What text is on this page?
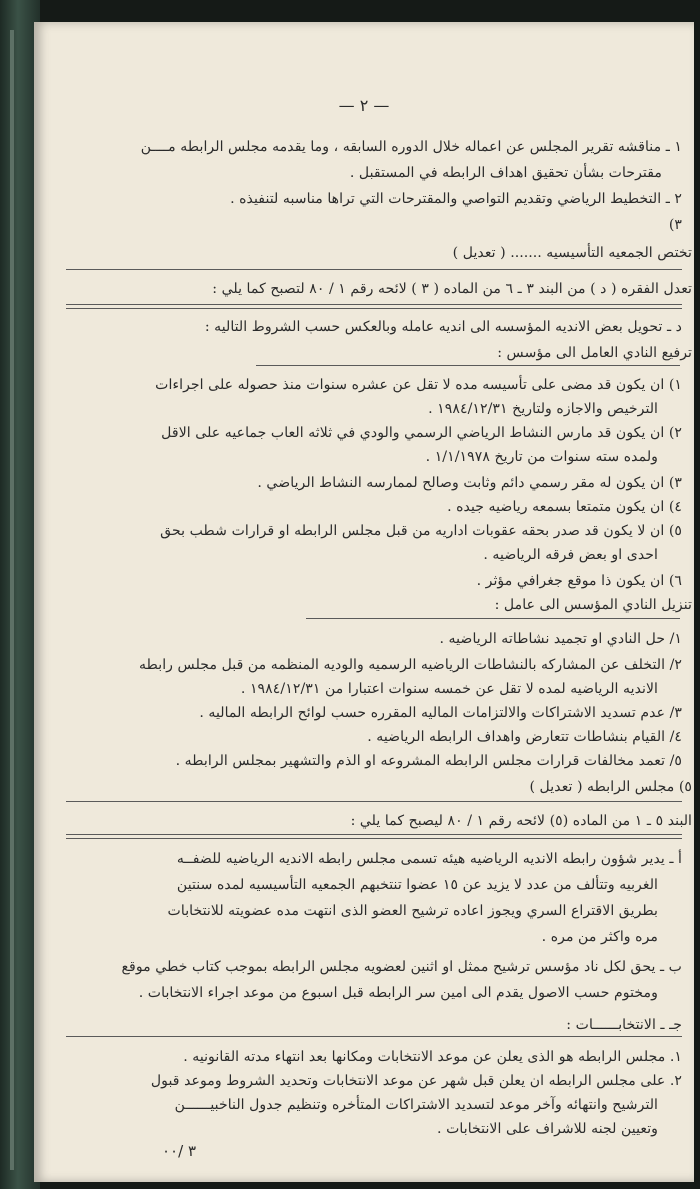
— ٢ —
١ ـ مناقشه تقرير المجلس عن اعماله خلال الدوره السابقه ، وما يقدمه مجلس الرابطه مــــن
مقترحات بشأن تحقيق اهداف الرابطه في المستقبل .
٢ ـ التخطيط الرياضي وتقديم التواصي والمقترحات التي تراها مناسبه لتنفيذه .
٣)
تختص الجمعيه التأسيسيه ....... ( تعديل )
تعدل الفقره ( د ) من البند ٣ ـ ٦ من الماده ( ٣ ) لائحه رقم ١ / ٨٠ لتصبح كما يلي :
د ـ تحويل بعض الانديه المؤسسه الى انديه عامله وبالعكس حسب الشروط التاليه :
ترفيع النادي العامل الى مؤسس :
١) ان يكون قد مضى على تأسيسه مده لا تقل عن عشره سنوات منذ حصوله على اجراءات
الترخيص والاجازه ولتاريخ ١٩٨٤/١٢/٣١ .
٢) ان يكون قد مارس النشاط الرياضي الرسمي والودي في ثلاثه العاب جماعيه على الاقل
ولمده سته سنوات من تاريخ ١/١/١٩٧٨ .
٣) ان يكون له مقر رسمي دائم وثابت وصالح لممارسه النشاط الرياضي .
٤) ان يكون متمتعا بسمعه رياضيه جيده .
٥) ان لا يكون قد صدر بحقه عقوبات اداريه من قبل مجلس الرابطه او قرارات شطب بحق
احدى او بعض فرقه الرياضيه .
٦) ان يكون ذا موقع جغرافي مؤثر .
تنزيل النادي المؤسس الى عامل :
١/ حل النادي او تجميد نشاطاته الرياضيه .
٢/ التخلف عن المشاركه بالنشاطات الرياضيه الرسميه والوديه المنظمه من قبل مجلس رابطه
الانديه الرياضيه لمده لا تقل عن خمسه سنوات اعتبارا من ١٩٨٤/١٢/٣١ .
٣/ عدم تسديد الاشتراكات والالتزامات الماليه المقرره حسب لوائح الرابطه الماليه .
٤/ القيام بنشاطات تتعارض واهداف الرابطه الرياضيه .
٥/ تعمد مخالفات قرارات مجلس الرابطه المشروعه او الذم والتشهير بمجلس الرابطه .
٥) مجلس الرابطه ( تعديل )
البند ٥ ـ ١ من الماده (٥) لائحه رقم ١ / ٨٠ ليصبح كما يلي :
أ ـ يدير شؤون رابطه الانديه الرياضيه هيئه تسمى مجلس رابطه الانديه الرياضيه للضفــه
الغربيه وتتألف من عدد لا يزيد عن ١٥ عضوا تنتخبهم الجمعيه التأسيسيه لمده سنتين
بطريق الاقتراع السري ويجوز اعاده ترشيح العضو الذى انتهت مده عضويته للانتخابات
مره واكثر من مره .
ب ـ يحق لكل ناد مؤسس ترشيح ممثل او اثنين لعضويه مجلس الرابطه بموجب كتاب خطي موقع
ومختوم حسب الاصول يقدم الى امين سر الرابطه قبل اسبوع من موعد اجراء الانتخابات .
جـ ـ الانتخابــــــات :
١. مجلس الرابطه هو الذى يعلن عن موعد الانتخابات ومكانها بعد انتهاء مدته القانونيه .
٢. على مجلس الرابطه ان يعلن قبل شهر عن موعد الانتخابات وتحديد الشروط وموعد قبول
الترشيح وانتهائه وآخر موعد لتسديد الاشتراكات المتأخره وتنظيم جدول الناخبيــــــن
وتعيين لجنه للاشراف على الانتخابات .
٣ /٠٠
